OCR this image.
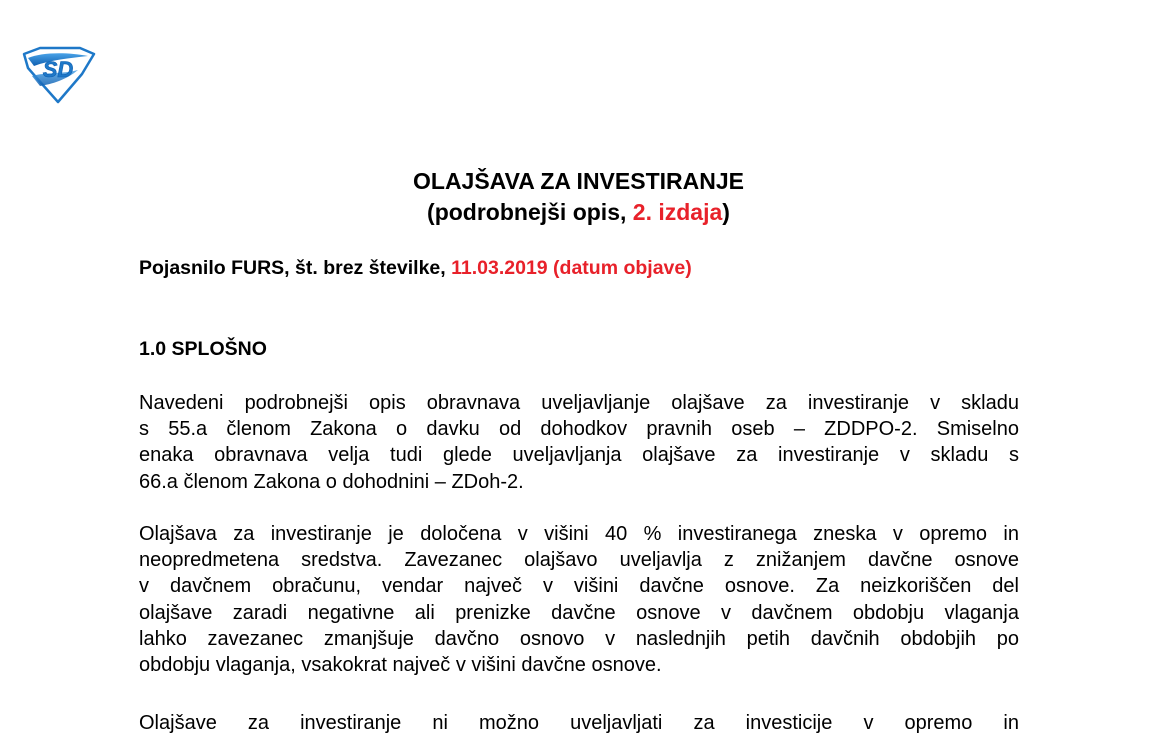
SD
OLAJŠAVA ZA INVESTIRANJE
(podrobnejši opis, 2. izdaja)
Pojasnilo FURS, št. brez številke, 11.03.2019 (datum objave)
1.0 SPLOŠNO
Navedeni podrobnejši opis obravnava uveljavljanje olajšave za investiranje v skladu
s 55.a členom Zakona o davku od dohodkov pravnih oseb – ZDDPO-2. Smiselno
enaka obravnava velja tudi glede uveljavljanja olajšave za investiranje v skladu s
66.a členom Zakona o dohodnini – ZDoh-2.
Olajšava za investiranje je določena v višini 40 % investiranega zneska v opremo in
neopredmetena sredstva. Zavezanec olajšavo uveljavlja z znižanjem davčne osnove
v davčnem obračunu, vendar največ v višini davčne osnove. Za neizkoriščen del
olajšave zaradi negativne ali prenizke davčne osnove v davčnem obdobju vlaganja
lahko zavezanec zmanjšuje davčno osnovo v naslednjih petih davčnih obdobjih po
obdobju vlaganja, vsakokrat največ v višini davčne osnove.
Olajšave za investiranje ni možno uveljavljati za investicije v opremo in
